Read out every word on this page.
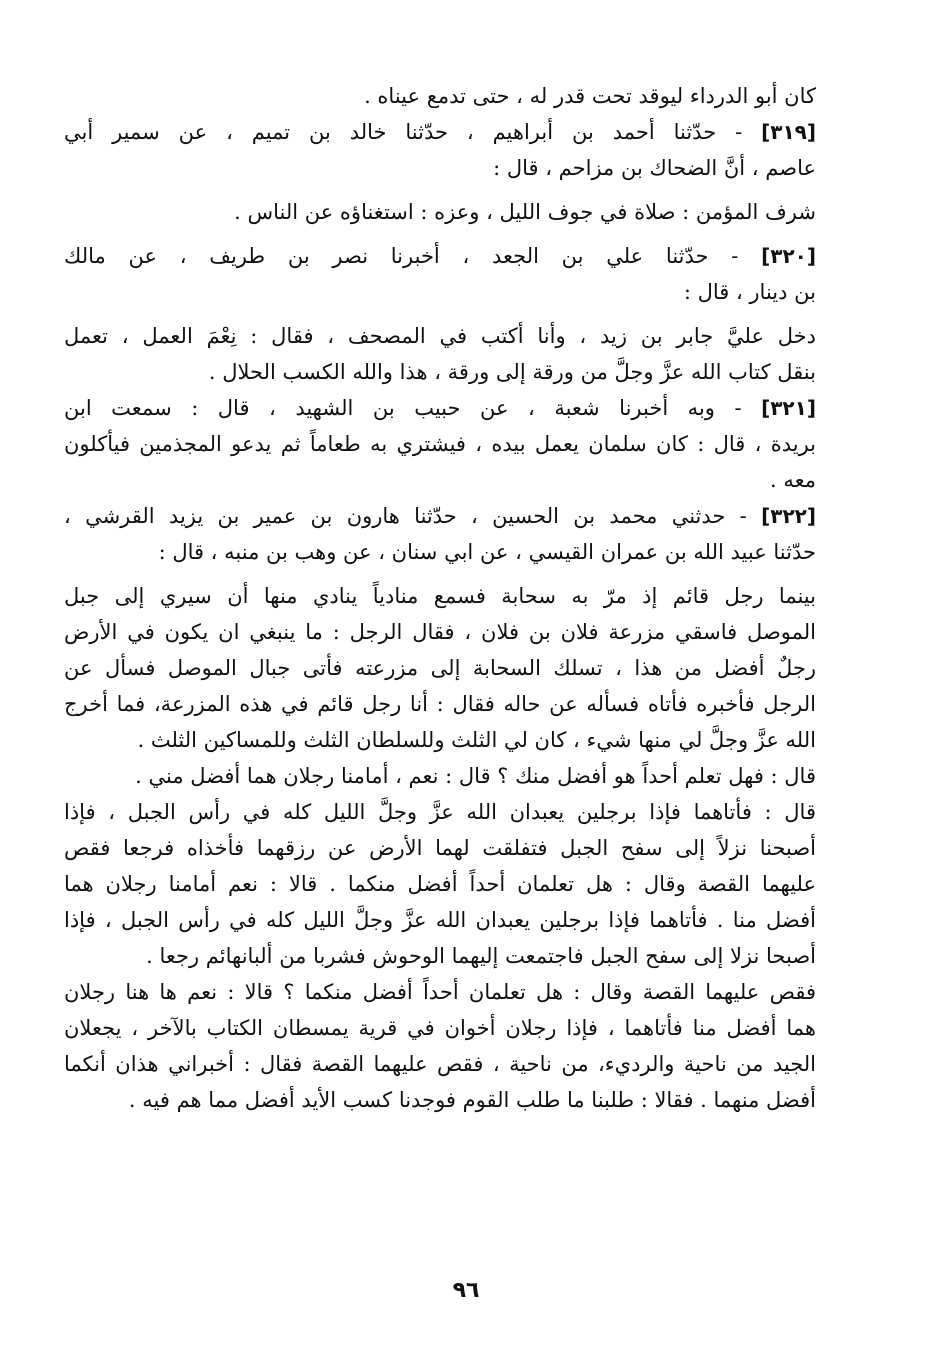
كان أبو الدرداء ليوقد تحت قدر له ، حتى تدمع عيناه .
[٣١٩] - حدّثنا أحمد بن أبراهيم ، حدّثنا خالد بن تميم ، عن سمير أبي
عاصم ، أنَّ الضحاك بن مزاحم ، قال :
شرف المؤمن : صلاة في جوف الليل ، وعزه : استغناؤه عن الناس .
[٣٢٠] - حدّثنا علي بن الجعد ، أخبرنا نصر بن طريف ، عن مالك
بن دينار ، قال :
دخل عليَّ جابر بن زيد ، وأنا أكتب في المصحف ، فقال : نِعْمَ العمل ، تعمل
بنقل كتاب الله عزَّ وجلَّ من ورقة إلى ورقة ، هذا والله الكسب الحلال .
[٣٢١] - وبه أخبرنا شعبة ، عن حبيب بن الشهيد ، قال : سمعت ابن
بريدة ، قال : كان سلمان يعمل بيده ، فيشتري به طعاماً ثم يدعو المجذمين فيأكلون
معه .
[٣٢٢] - حدثني محمد بن الحسين ، حدّثنا هارون بن عمير بن يزيد القرشي ،
حدّثنا عبيد الله بن عمران القيسي ، عن ابي سنان ، عن وهب بن منبه ، قال :
بينما رجل قائم إذ مرّ به سحابة فسمع منادياً ينادي منها أن سيري إلى جبل
الموصل فاسقي مزرعة فلان بن فلان ، فقال الرجل : ما ينبغي ان يكون في الأرض
رجلٌ أفضل من هذا ، تسلك السحابة إلى مزرعته فأتى جبال الموصل فسأل عن
الرجل فأخبره فأتاه فسأله عن حاله فقال : أنا رجل قائم في هذه المزرعة، فما أخرج
الله عزَّ وجلَّ لي منها شيء ، كان لي الثلث وللسلطان الثلث وللمساكين الثلث .
قال : فهل تعلم أحداً هو أفضل منك ؟ قال : نعم ، أمامنا رجلان هما أفضل مني .
قال : فأتاهما فإذا برجلين يعبدان الله عزَّ وجلَّ الليل كله في رأس الجبل ، فإذا
أصبحنا نزلاً إلى سفح الجبل فتفلقت لهما الأرض عن رزقهما فأخذاه فرجعا فقص
عليهما القصة وقال : هل تعلمان أحداً أفضل منكما . قالا : نعم أمامنا رجلان هما
أفضل منا . فأتاهما فإذا برجلين يعبدان الله عزَّ وجلَّ الليل كله في رأس الجبل ، فإذا
أصبحا نزلا إلى سفح الجبل فاجتمعت إليهما الوحوش فشربا من ألبانهائم رجعا .
فقص عليهما القصة وقال : هل تعلمان أحداً أفضل منكما ؟ قالا : نعم ها هنا رجلان
هما أفضل منا فأتاهما ، فإذا رجلان أخوان في قرية يمسطان الكتاب بالآخر ، يجعلان
الجيد من ناحية والرديء، من ناحية ، فقص عليهما القصة فقال : أخبراني هذان أنكما
أفضل منهما . فقالا : طلبنا ما طلب القوم فوجدنا كسب الأيد أفضل مما هم فيه .
٩٦
